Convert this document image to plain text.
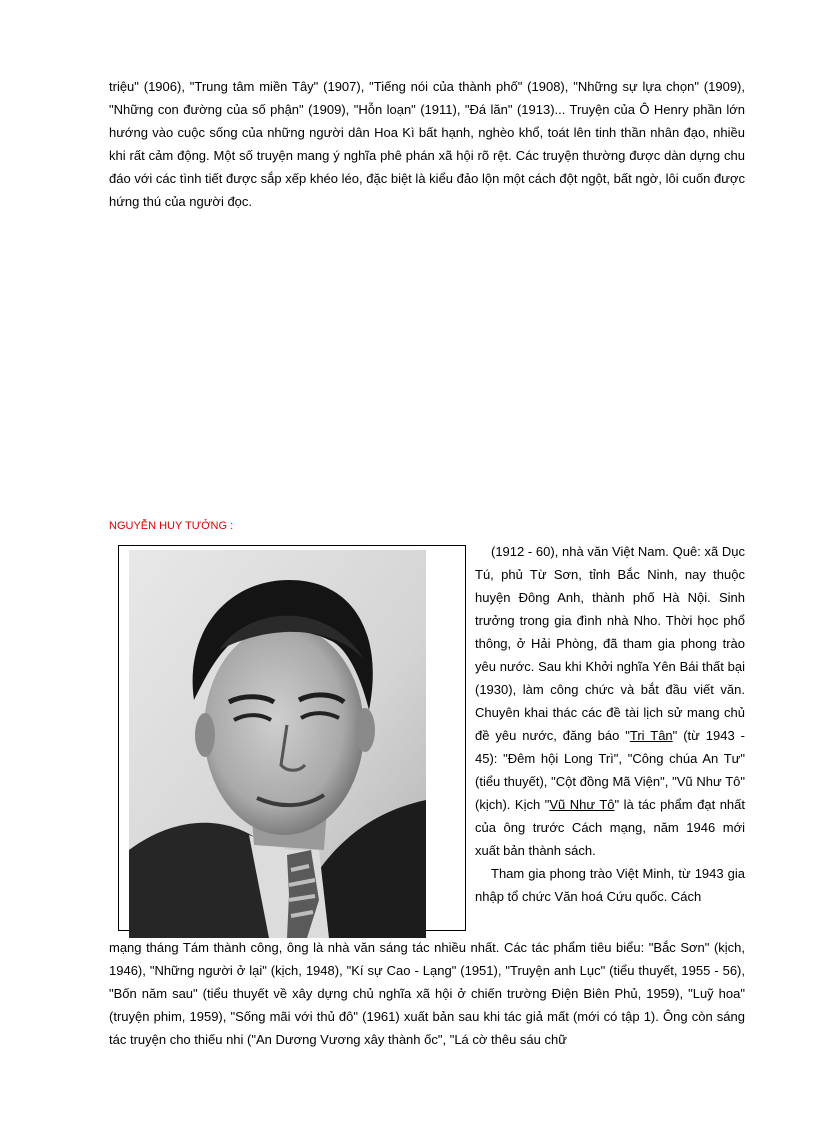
triệu" (1906), "Trung tâm miền Tây" (1907), "Tiếng nói của thành phố" (1908), "Những sự lựa chọn" (1909), "Những con đường của số phận" (1909), "Hỗn loạn" (1911), "Đá lăn" (1913)... Truyện của Ô Henry phần lớn hướng vào cuộc sống của những người dân Hoa Kì bất hạnh, nghèo khổ, toát lên tinh thần nhân đạo, nhiều khi rất cảm động. Một số truyện mang ý nghĩa phê phán xã hội rõ rệt. Các truyện thường được dàn dựng chu đáo với các tình tiết được sắp xếp khéo léo, đặc biệt là kiểu đảo lộn một cách đột ngột, bất ngờ, lôi cuốn được hứng thú của người đọc.

NGUYỄN HUY TƯỞNG :

(1912 - 60), nhà văn Việt Nam. Quê: xã Dục Tú, phủ Từ Sơn, tỉnh Bắc Ninh, nay thuộc huyện Đông Anh, thành phố Hà Nội. Sinh trưởng trong gia đình nhà Nho. Thời học phổ thông, ở Hải Phòng, đã tham gia phong trào yêu nước. Sau khi Khởi nghĩa Yên Bái thất bại (1930), làm công chức và bắt đầu viết văn. Chuyên khai thác các đề tài lịch sử mang chủ đề yêu nước, đăng báo "Tri Tân" (từ 1943 - 45): "Đêm hội Long Trì", "Công chúa An Tư" (tiểu thuyết), "Cột đồng Mã Viện", "Vũ Như Tô" (kịch). Kịch "Vũ Như Tô" là tác phẩm đạt nhất của ông trước Cách mạng, năm 1946 mới xuất bản thành sách.

Tham gia phong trào Việt Minh, từ 1943 gia nhập tổ chức Văn hoá Cứu quốc. Cách

mạng tháng Tám thành công, ông là nhà văn sáng tác nhiều nhất. Các tác phẩm tiêu biểu: "Bắc Sơn" (kịch, 1946), "Những người ở lại" (kịch, 1948), "Kí sự Cao - Lạng" (1951), "Truyện anh Lục" (tiểu thuyết, 1955 - 56), "Bốn năm sau" (tiểu thuyết về xây dựng chủ nghĩa xã hội ở chiến trường Điện Biên Phủ, 1959), "Luỹ hoa" (truyện phim, 1959), "Sống mãi với thủ đô" (1961) xuất bản sau khi tác giả mất (mới có tập 1). Ông còn sáng tác truyện cho thiếu nhi ("An Dương Vương xây thành ốc", "Lá cờ thêu sáu chữ
